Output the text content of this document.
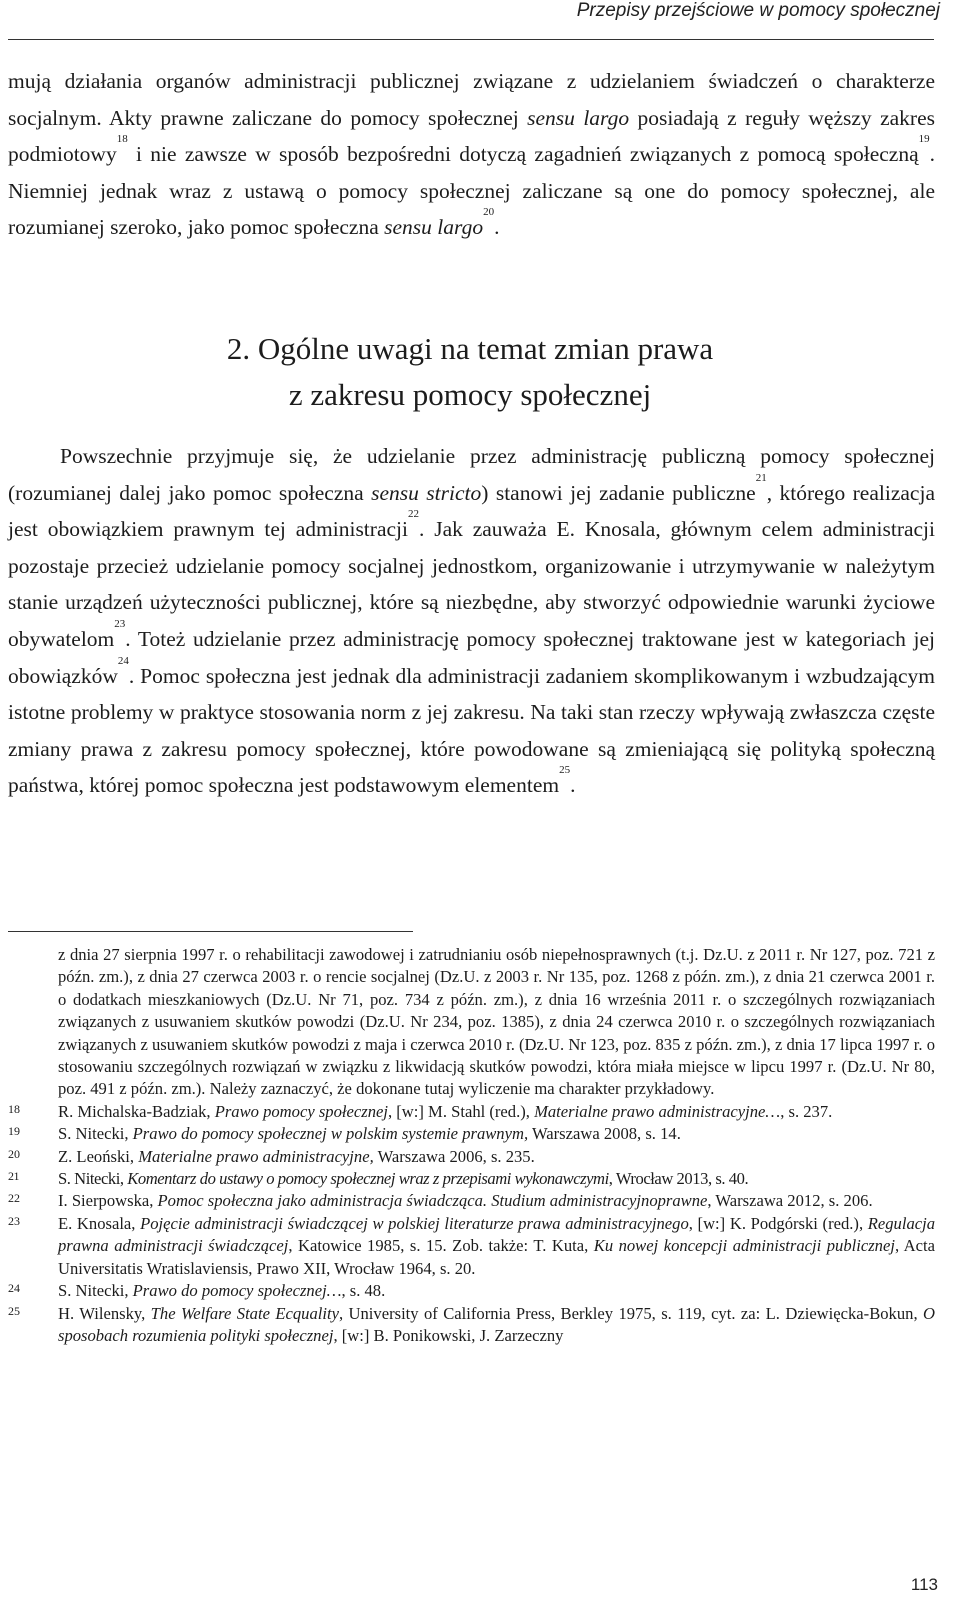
Przepisy przejściowe w pomocy społecznej
mują działania organów administracji publicznej związane z udzielaniem świadczeń o charakterze socjalnym. Akty prawne zaliczane do pomocy społecznej sensu largo posiadają z reguły węższy zakres podmiotowy$^{18}$ i nie zawsze w sposób bezpośredni dotyczą zagadnień związanych z pomocą społeczną$^{19}$. Niemniej jednak wraz z ustawą o pomocy społecznej zaliczane są one do pomocy społecznej, ale rozumianej szeroko, jako pomoc społeczna sensu largo$^{20}$.
2. Ogólne uwagi na temat zmian prawa
z zakresu pomocy społecznej
Powszechnie przyjmuje się, że udzielanie przez administrację publiczną pomocy społecznej (rozumianej dalej jako pomoc społeczna sensu stricto) stanowi jej zadanie publiczne$^{21}$, którego realizacja jest obowiązkiem prawnym tej administracji$^{22}$. Jak zauważa E. Knosala, głównym celem administracji pozostaje przecież udzielanie pomocy socjalnej jednostkom, organizowanie i utrzymywanie w należytym stanie urządzeń użyteczności publicznej, które są niezbędne, aby stworzyć odpowiednie warunki życiowe obywatelom$^{23}$. Toteż udzielanie przez administrację pomocy społecznej traktowane jest w kategoriach jej obowiązków$^{24}$. Pomoc społeczna jest jednak dla administracji zadaniem skomplikowanym i wzbudzającym istotne problemy w praktyce stosowania norm z jej zakresu. Na taki stan rzeczy wpływają zwłaszcza częste zmiany prawa z zakresu pomocy społecznej, które powodowane są zmieniającą się polityką społeczną państwa, której pomoc społeczna jest podstawowym elementem$^{25}$.
z dnia 27 sierpnia 1997 r. o rehabilitacji zawodowej i zatrudnianiu osób niepełnosprawnych (t.j. Dz.U. z 2011 r. Nr 127, poz. 721 z późn. zm.), z dnia 27 czerwca 2003 r. o rencie socjalnej (Dz.U. z 2003 r. Nr 135, poz. 1268 z późn. zm.), z dnia 21 czerwca 2001 r. o dodatkach mieszkaniowych (Dz.U. Nr 71, poz. 734 z późn. zm.), z dnia 16 września 2011 r. o szczególnych rozwiązaniach związanych z usuwaniem skutków powodzi (Dz.U. Nr 234, poz. 1385), z dnia 24 czerwca 2010 r. o szczególnych rozwiązaniach związanych z usuwaniem skutków powodzi z maja i czerwca 2010 r. (Dz.U. Nr 123, poz. 835 z późn. zm.), z dnia 17 lipca 1997 r. o stosowaniu szczególnych rozwiązań w związku z likwidacją skutków powodzi, która miała miejsce w lipcu 1997 r. (Dz.U. Nr 80, poz. 491 z późn. zm.). Należy zaznaczyć, że dokonane tutaj wyliczenie ma charakter przykładowy.
18 R. Michalska-Badziak, Prawo pomocy społecznej, [w:] M. Stahl (red.), Materialne prawo administracyjne…, s. 237.
19 S. Nitecki, Prawo do pomocy społecznej w polskim systemie prawnym, Warszawa 2008, s. 14.
20 Z. Leoński, Materialne prawo administracyjne, Warszawa 2006, s. 235.
21 S. Nitecki, Komentarz do ustawy o pomocy społecznej wraz z przepisami wykonawczymi, Wrocław 2013, s. 40.
22 I. Sierpowska, Pomoc społeczna jako administracja świadcząca. Studium administracyjnoprawne, Warszawa 2012, s. 206.
23 E. Knosala, Pojęcie administracji świadczącej w polskiej literaturze prawa administracyjnego, [w:] K. Podgórski (red.), Regulacja prawna administracji świadczącej, Katowice 1985, s. 15. Zob. także: T. Kuta, Ku nowej koncepcji administracji publicznej, Acta Universitatis Wratislaviensis, Prawo XII, Wrocław 1964, s. 20.
24 S. Nitecki, Prawo do pomocy społecznej…, s. 48.
25 H. Wilensky, The Welfare State Ecquality, University of California Press, Berkley 1975, s. 119, cyt. za: L. Dziewięcka-Bokun, O sposobach rozumienia polityki społecznej, [w:] B. Ponikowski, J. Zarzeczny
113
